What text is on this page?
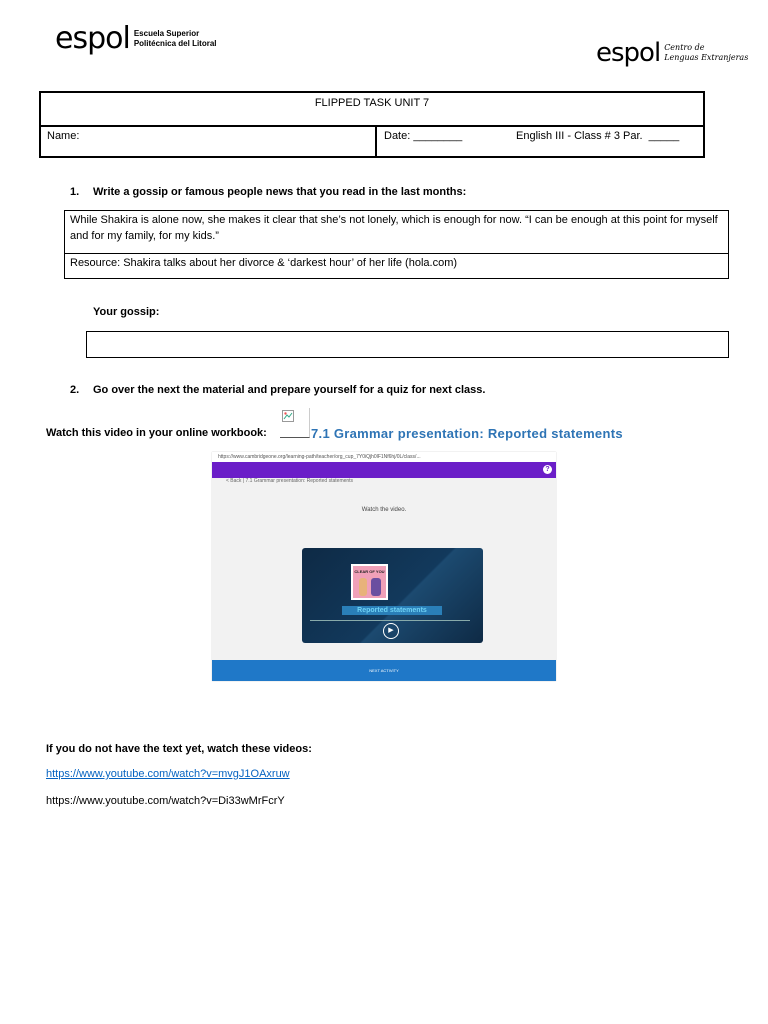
espol Escuela Superior
Politécnica del Litoral	espol Centro de
Lenguas Extranjeras
FLIPPED TASK UNIT 7
Name:	Date: ________	English III - Class # 3 Par.  _____
1. Write a gossip or famous people news that you read in the last months:
While Shakira is alone now, she makes it clear that she’s not lonely, which is enough for now. “I can be enough at this point for myself and for my family, for my kids.”
Resource: Shakira talks about her divorce & ‘darkest hour’ of her life (hola.com)
Your gossip:
2. Go over the next the material and prepare yourself for a quiz for next class.
Watch this video in your online workbook:	7.1 Grammar presentation: Reported statements
https://www.cambridgeone.org/learning-path/teacher/org_cup_7Y0iQjh0lF1Nf6hj/0L/class/...
?
< Back | 7.1 Grammar presentation: Reported statements
Watch the video.
CLEAR OF YOU
Reported statements
▶
NEXT ACTIVITY
If you do not have the text yet, watch these videos:
https://www.youtube.com/watch?v=mvgJ1OAxruw
https://www.youtube.com/watch?v=Di33wMrFcrY
